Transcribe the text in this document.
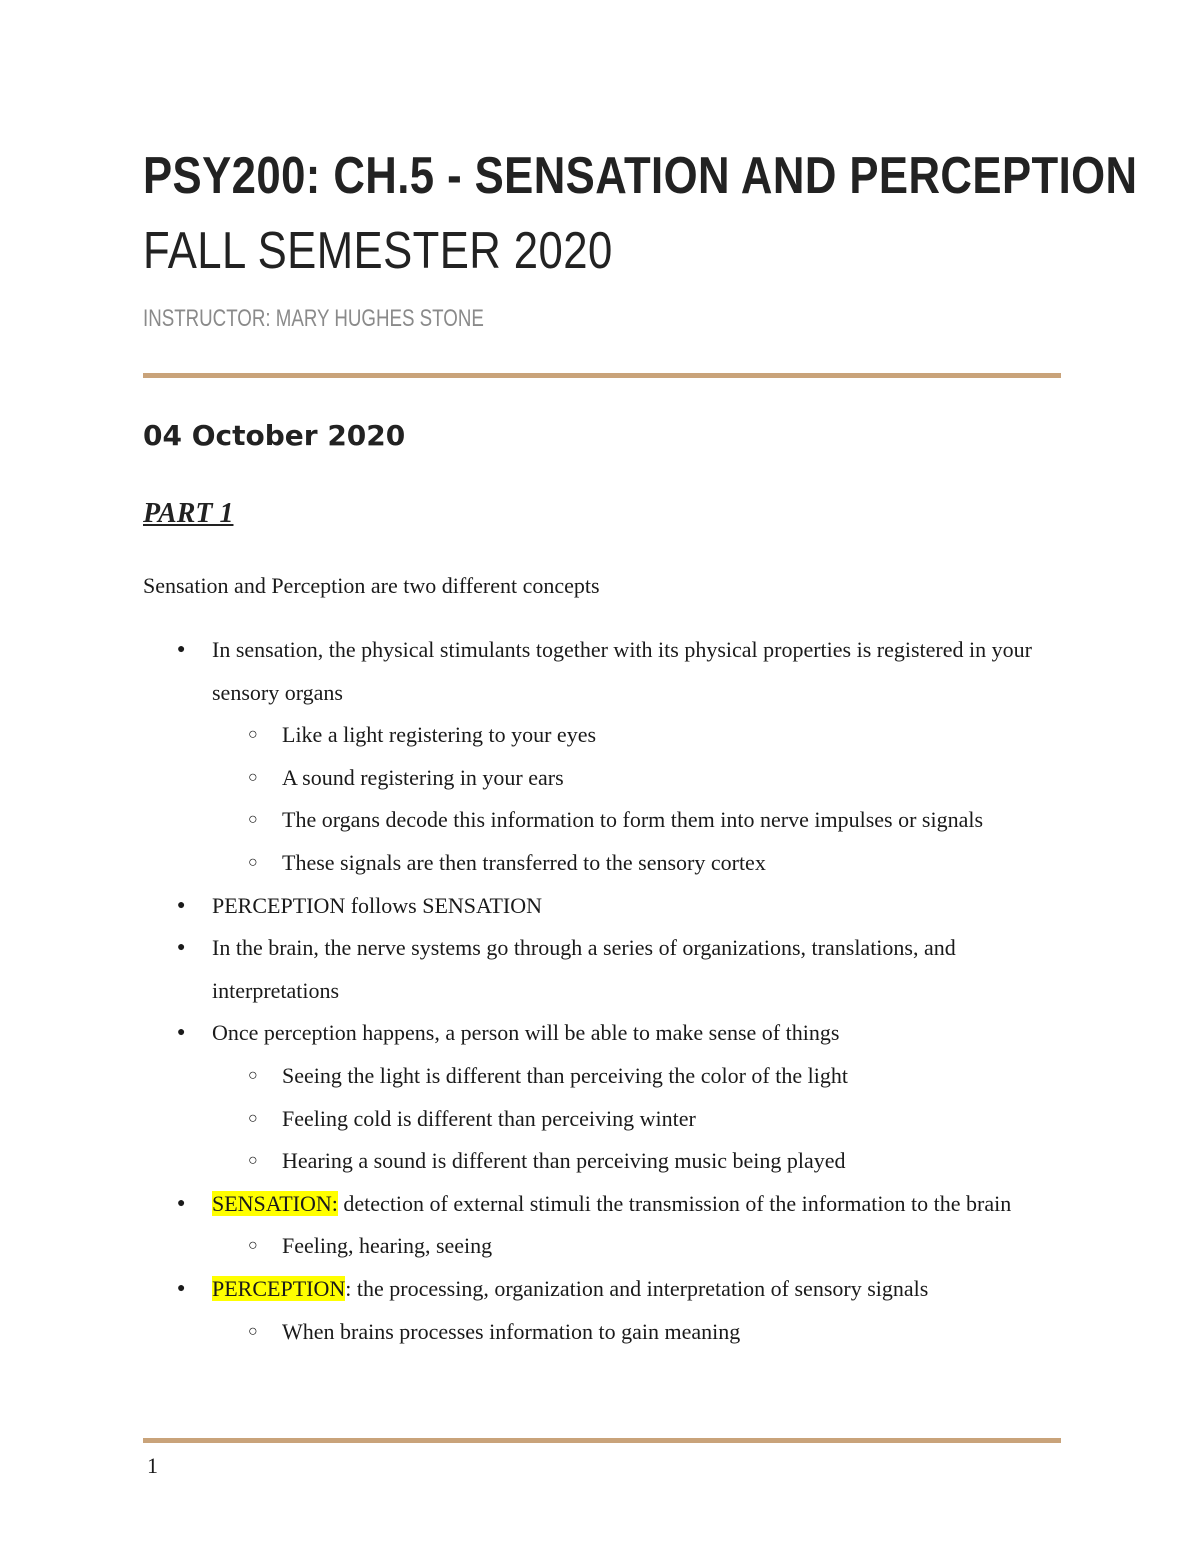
PSY200: CH.5 - SENSATION AND PERCEPTION
FALL SEMESTER 2020

INSTRUCTOR: MARY HUGHES STONE

04 October 2020
PART 1

Sensation and Perception are two different concepts

● In sensation, the physical stimulants together with its physical properties is registered in your sensory organs
○ Like a light registering to your eyes
○ A sound registering in your ears
○ The organs decode this information to form them into nerve impulses or signals
○ These signals are then transferred to the sensory cortex
● PERCEPTION follows SENSATION
● In the brain, the nerve systems go through a series of organizations, translations, and interpretations
● Once perception happens, a person will be able to make sense of things
○ Seeing the light is different than perceiving the color of the light
○ Feeling cold is different than perceiving winter
○ Hearing a sound is different than perceiving music being played
● SENSATION: detection of external stimuli the transmission of the information to the brain
○ Feeling, hearing, seeing
● PERCEPTION: the processing, organization and interpretation of sensory signals
○ When brains processes information to gain meaning

1
